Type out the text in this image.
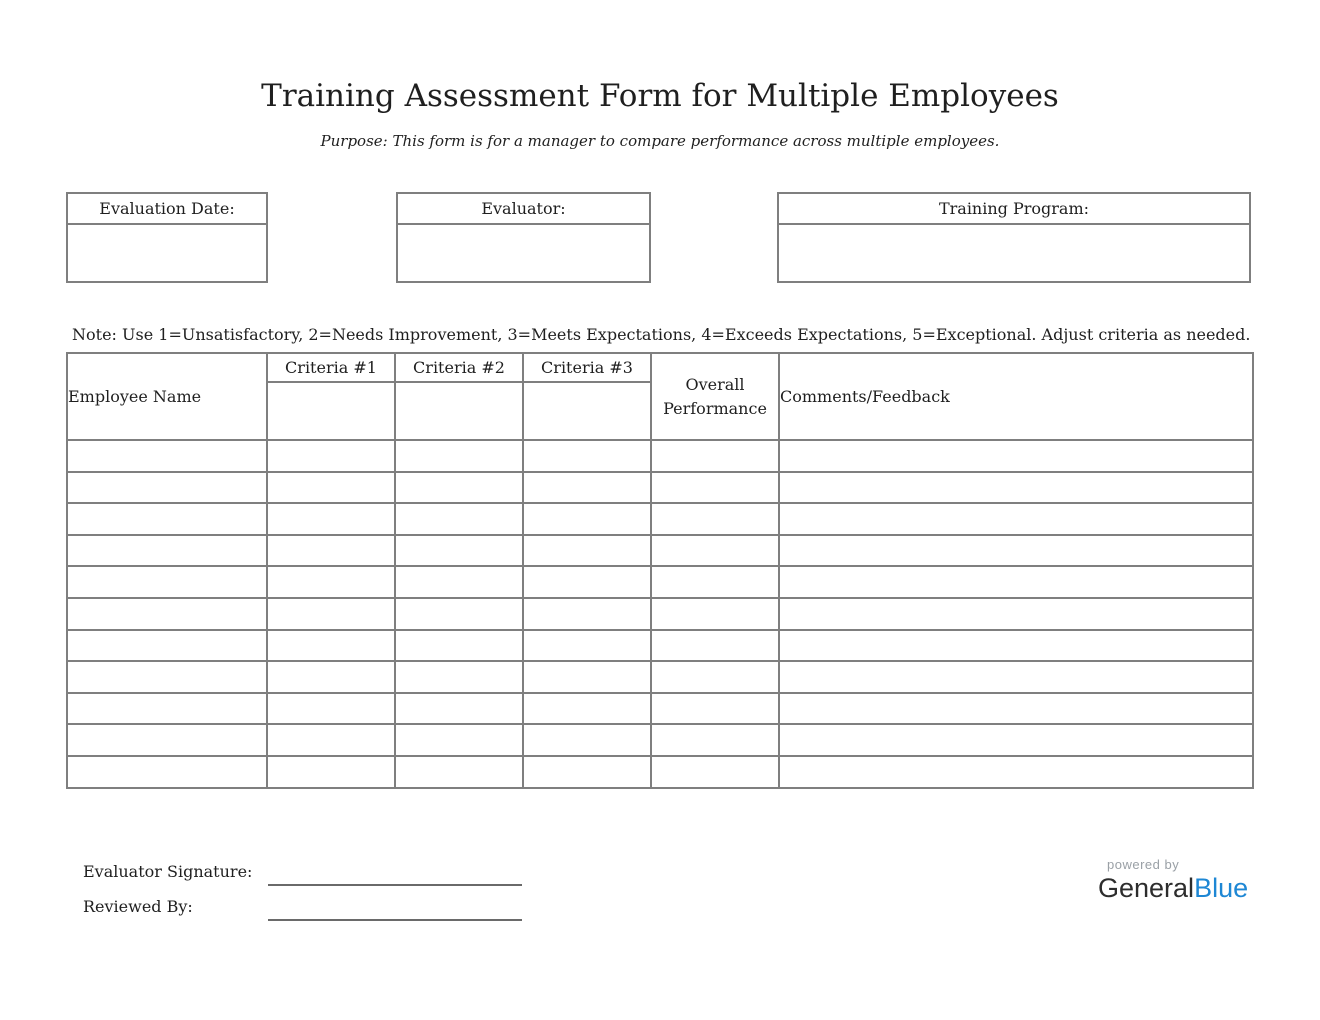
Training Assessment Form for Multiple Employees

Purpose: This form is for a manager to compare performance across multiple employees.

Evaluation Date:	Evaluator:	Training Program:

Note: Use 1=Unsatisfactory, 2=Needs Improvement, 3=Meets Expectations, 4=Exceeds Expectations, 5=Exceptional. Adjust criteria as needed.

Employee Name	Criteria #1	Criteria #2	Criteria #3	Overall Performance	Comments/Feedback

Evaluator Signature:

Reviewed By:

powered by
GeneralBlue
